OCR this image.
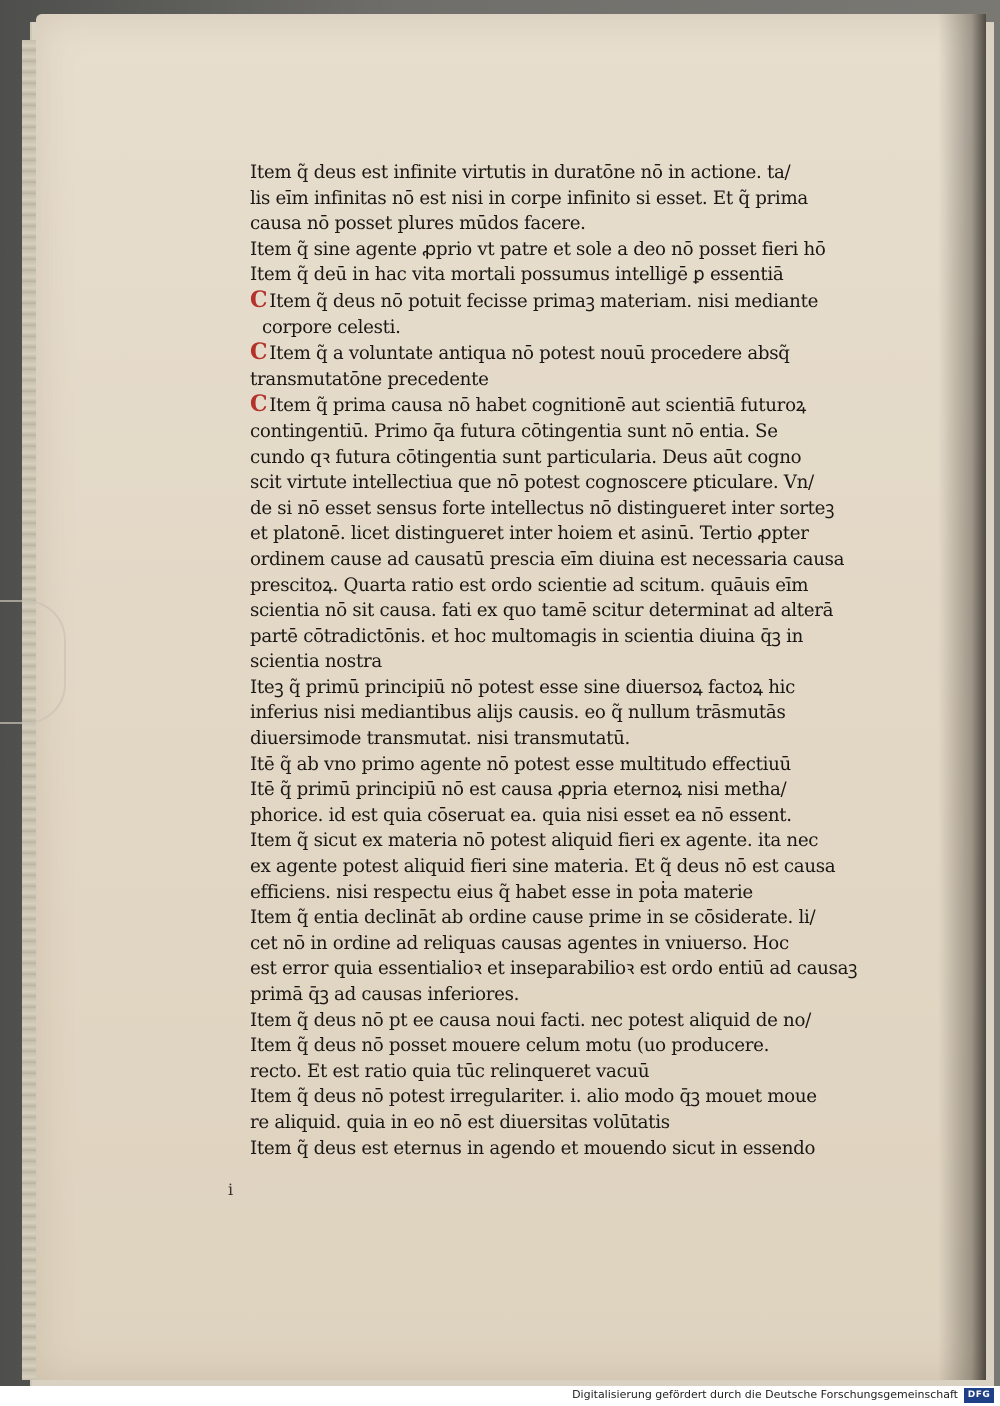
Item q̃ deus est infinite virtutis in duratōne nō in actione. ta/
lis eīm infinitas nō est nisi in corpe infinito si esset. Et q̃ prima
causa nō posset plures mūdos facere.
Item q̃ sine agente ꝓprio vt patre et sole a deo nō posset fieri hō
Item q̃ deū in hac vita mortali possumus intelligē ꝑ essentiā
C Item q̃ deus nō potuit fecisse primaꝫ materiam. nisi mediante
corpore celesti.
C Item q̃ a voluntate antiqua nō potest nouū procedere absq̃
transmutatōne precedente
C Item q̃ prima causa nō habet cognitionē aut scientiā futuroꝝ
contingentiū. Primo q̄a futura cōtingentia sunt nō entia. Se
cundo qꝛ futura cōtingentia sunt particularia. Deus aūt cogno
scit virtute intellectiua que nō potest cognoscere ꝑticulare. Vn/
de si nō esset sensus forte intellectus nō distingueret inter sorteꝫ
et platonē. licet distingueret inter hoiem et asinū. Tertio ꝓpter
ordinem cause ad causatū prescia eīm diuina est necessaria causa
prescitoꝝ. Quarta ratio est ordo scientie ad scitum. quāuis eīm
scientia nō sit causa. fati ex quo tamē scitur determinat ad alterā
partē cōtradictōnis. et hoc multomagis in scientia diuina q̄ꝫ in
scientia nostra
Iteꝫ q̃ primū principiū nō potest esse sine diuersoꝝ factoꝝ hic
inferius nisi mediantibus alijs causis. eo q̃ nullum trāsmutās
diuersimode transmutat. nisi transmutatū.
Itē q̃ ab vno primo agente nō potest esse multitudo effectiuū
Itē q̃ primū principiū nō est causa ꝓpria eternoꝝ nisi metha/
phorice. id est quia cōseruat ea. quia nisi esset ea nō essent.
Item q̃ sicut ex materia nō potest aliquid fieri ex agente. ita nec
ex agente potest aliquid fieri sine materia. Et q̃ deus nō est causa
efficiens. nisi respectu eius q̃ habet esse in poṫa materie
Item q̃ entia declināt ab ordine cause prime in se cōsiderate. li/
cet nō in ordine ad reliquas causas agentes in vniuerso. Hoc
est error quia essentialioꝛ et inseparabilioꝛ est ordo entiū ad causaꝫ
primā q̄ꝫ ad causas inferiores.
Item q̃ deus nō pt ee causa noui facti. nec potest aliquid de no/
Item q̃ deus nō posset mouere celum motu (uo producere.
recto. Et est ratio quia tūc relinqueret vacuū
Item q̃ deus nō potest irregulariter. i. alio modo q̄ꝫ mouet moue
re aliquid. quia in eo nō est diuersitas volūtatis
Item q̃ deus est eternus in agendo et mouendo sicut in essendo
i
Digitalisierung gefördert durch die Deutsche Forschungsgemeinschaft	DFG
